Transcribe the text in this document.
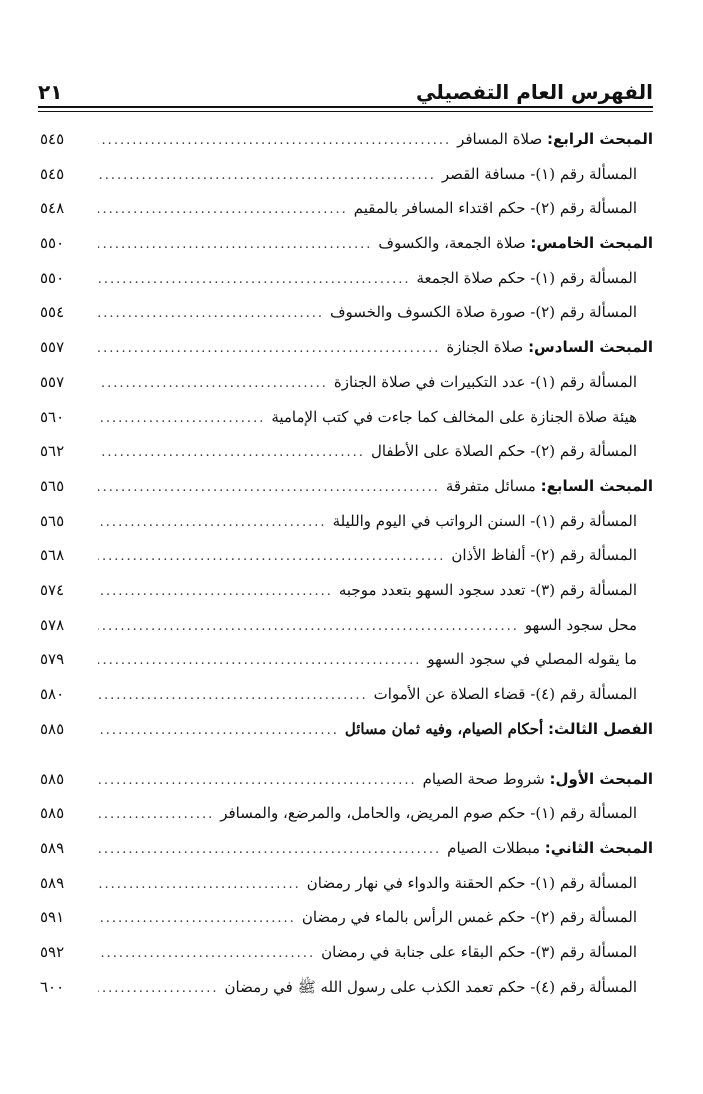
الفهرس العام التفصيلي
٢١
المبحث الرابع: صلاة المسافر
.....
٥٤٥
المسألة رقم (١)- مسافة القصر
.....
٥٤٥
المسألة رقم (٢)- حكم اقتداء المسافر بالمقيم
.....
٥٤٨
المبحث الخامس: صلاة الجمعة، والكسوف
.....
٥٥٠
المسألة رقم (١)- حكم صلاة الجمعة
.....
٥٥٠
المسألة رقم (٢)- صورة صلاة الكسوف والخسوف
.....
٥٥٤
المبحث السادس: صلاة الجنازة
.....
٥٥٧
المسألة رقم (١)- عدد التكبيرات في صلاة الجنازة
.....
٥٥٧
هيئة صلاة الجنازة على المخالف كما جاءت في كتب الإمامية
.....
٥٦٠
المسألة رقم (٢)- حكم الصلاة على الأطفال
.....
٥٦٢
المبحث السابع: مسائل متفرقة
.....
٥٦٥
المسألة رقم (١)- السنن الرواتب في اليوم والليلة
.....
٥٦٥
المسألة رقم (٢)- ألفاظ الأذان
.....
٥٦٨
المسألة رقم (٣)- تعدد سجود السهو بتعدد موجبه
.....
٥٧٤
محل سجود السهو
.....
٥٧٨
ما يقوله المصلي في سجود السهو
.....
٥٧٩
المسألة رقم (٤)- قضاء الصلاة عن الأموات
.....
٥٨٠
الفصل الثالث: أحكام الصيام، وفيه ثمان مسائل
.....
٥٨٥
المبحث الأول: شروط صحة الصيام
.....
٥٨٥
المسألة رقم (١)- حكم صوم المريض، والحامل، والمرضع، والمسافر
.....
٥٨٥
المبحث الثاني: مبطلات الصيام
.....
٥٨٩
المسألة رقم (١)- حكم الحقنة والدواء في نهار رمضان
.....
٥٨٩
المسألة رقم (٢)- حكم غمس الرأس بالماء في رمضان
.....
٥٩١
المسألة رقم (٣)- حكم البقاء على جنابة في رمضان
.....
٥٩٢
المسألة رقم (٤)- حكم تعمد الكذب على رسول الله ﷺ في رمضان
.....
٦٠٠
